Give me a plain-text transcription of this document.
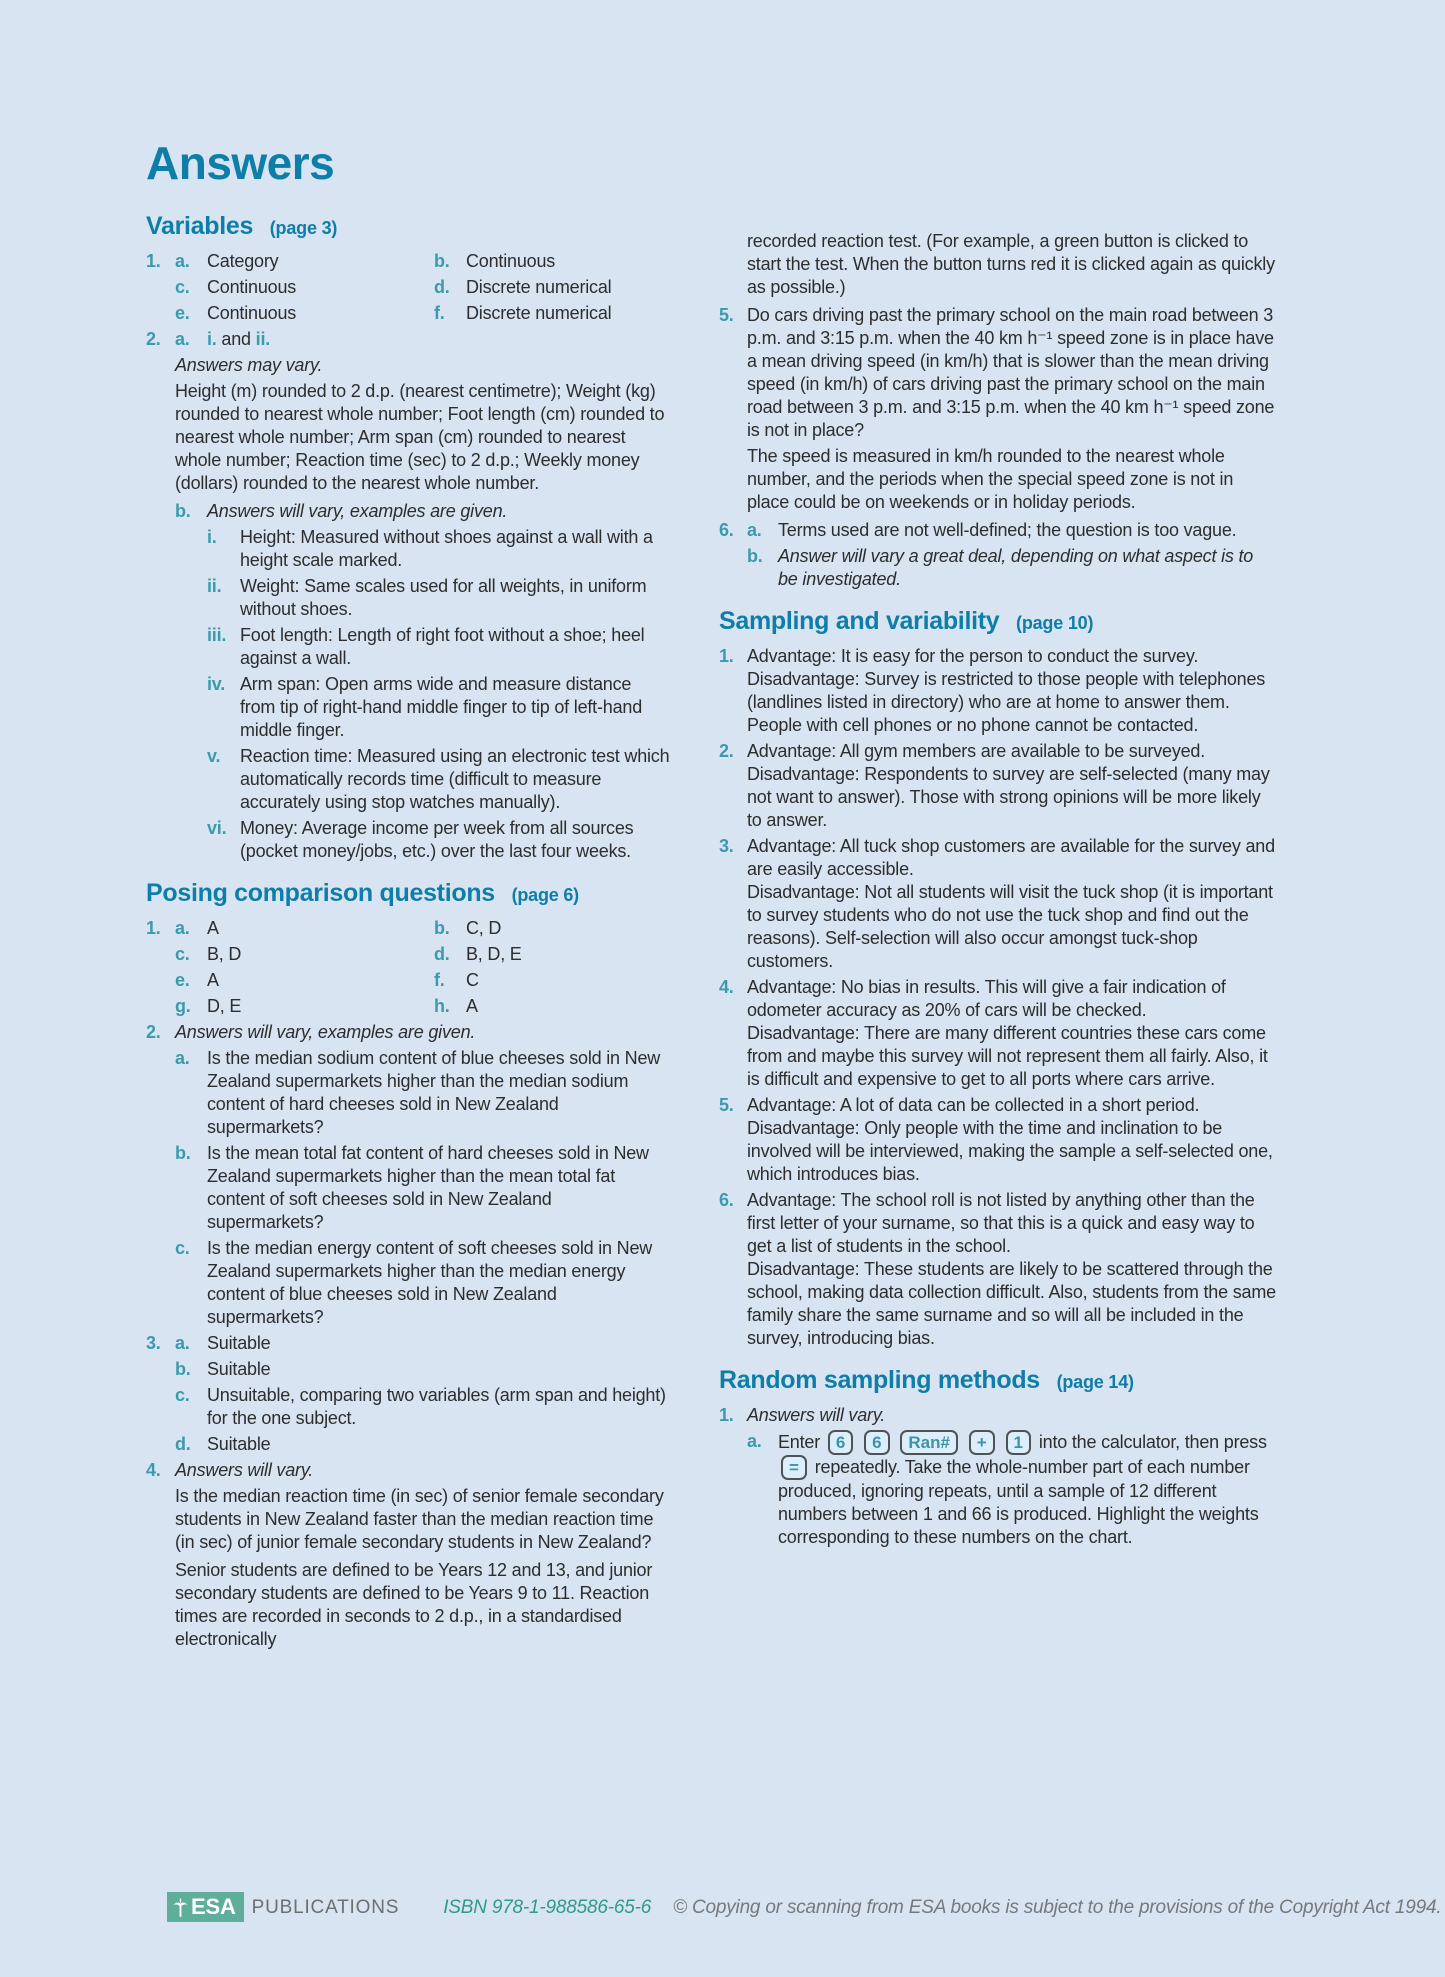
Answers
Variables (page 3)
1. a. Category	b. Continuous
c. Continuous	d. Discrete numerical
e. Continuous	f.	Discrete numerical
2. a. i. and ii.
Answers may vary.
Height (m) rounded to 2 d.p. (nearest centimetre); Weight (kg) rounded to nearest whole number; Foot length (cm) rounded to nearest whole number; Arm span (cm) rounded to nearest whole number; Reaction time (sec) to 2 d.p.; Weekly money (dollars) rounded to the nearest whole number.
b. Answers will vary, examples are given.
i.	Height: Measured without shoes against a wall with a height scale marked.
ii.	Weight: Same scales used for all weights, in uniform without shoes.
iii. Foot length: Length of right foot without a shoe; heel against a wall.
iv. Arm span: Open arms wide and measure distance from tip of right-hand middle finger to tip of left-hand middle finger.
v.	Reaction time: Measured using an electronic test which automatically records time (difficult to measure accurately using stop watches manually).
vi. Money: Average income per week from all sources (pocket money/jobs, etc.) over the last four weeks.
Posing comparison questions (page 6)
1. a. A	b. C, D
c. B, D	d. B, D, E
e. A	f.	C
g. D, E	h. A
2. Answers will vary, examples are given.
a. Is the median sodium content of blue cheeses sold in New Zealand supermarkets higher than the median sodium content of hard cheeses sold in New Zealand supermarkets?
b. Is the mean total fat content of hard cheeses sold in New Zealand supermarkets higher than the mean total fat content of soft cheeses sold in New Zealand supermarkets?
c. Is the median energy content of soft cheeses sold in New Zealand supermarkets higher than the median energy content of blue cheeses sold in New Zealand supermarkets?
3. a. Suitable
b. Suitable
c. Unsuitable, comparing two variables (arm span and height) for the one subject.
d. Suitable
4. Answers will vary.
Is the median reaction time (in sec) of senior female secondary students in New Zealand faster than the median reaction time (in sec) of junior female secondary students in New Zealand?
Senior students are defined to be Years 12 and 13, and junior secondary students are defined to be Years 9 to 11. Reaction times are recorded in seconds to 2 d.p., in a standardised electronically
recorded reaction test. (For example, a green button is clicked to start the test. When the button turns red it is clicked again as quickly as possible.)
5. Do cars driving past the primary school on the main road between 3 p.m. and 3:15 p.m. when the 40 km h⁻¹ speed zone is in place have a mean driving speed (in km/h) that is slower than the mean driving speed (in km/h) of cars driving past the primary school on the main road between 3 p.m. and 3:15 p.m. when the 40 km h⁻¹ speed zone is not in place?
The speed is measured in km/h rounded to the nearest whole number, and the periods when the special speed zone is not in place could be on weekends or in holiday periods.
6. a. Terms used are not well-defined; the question is too vague.
b. Answer will vary a great deal, depending on what aspect is to be investigated.
Sampling and variability (page 10)
1. Advantage: It is easy for the person to conduct the survey.
Disadvantage: Survey is restricted to those people with telephones (landlines listed in directory) who are at home to answer them. People with cell phones or no phone cannot be contacted.
2. Advantage: All gym members are available to be surveyed.
Disadvantage: Respondents to survey are self-selected (many may not want to answer). Those with strong opinions will be more likely to answer.
3. Advantage: All tuck shop customers are available for the survey and are easily accessible.
Disadvantage: Not all students will visit the tuck shop (it is important to survey students who do not use the tuck shop and find out the reasons). Self-selection will also occur amongst tuck-shop customers.
4. Advantage: No bias in results. This will give a fair indication of odometer accuracy as 20% of cars will be checked.
Disadvantage: There are many different countries these cars come from and maybe this survey will not represent them all fairly. Also, it is difficult and expensive to get to all ports where cars arrive.
5. Advantage: A lot of data can be collected in a short period.
Disadvantage: Only people with the time and inclination to be involved will be interviewed, making the sample a self-selected one, which introduces bias.
6. Advantage: The school roll is not listed by anything other than the first letter of your surname, so that this is a quick and easy way to get a list of students in the school.
Disadvantage: These students are likely to be scattered through the school, making data collection difficult. Also, students from the same family share the same surname and so will all be included in the survey, introducing bias.
Random sampling methods (page 14)
1. Answers will vary.
a. Enter 6 6 Ran# + 1 into the calculator, then press = repeatedly. Take the whole-number part of each number produced, ignoring repeats, until a sample of 12 different numbers between 1 and 66 is produced. Highlight the weights corresponding to these numbers on the chart.
ESA PUBLICATIONS ISBN 978-1-988586-65-6 © Copying or scanning from ESA books is subject to the provisions of the Copyright Act 1994.
